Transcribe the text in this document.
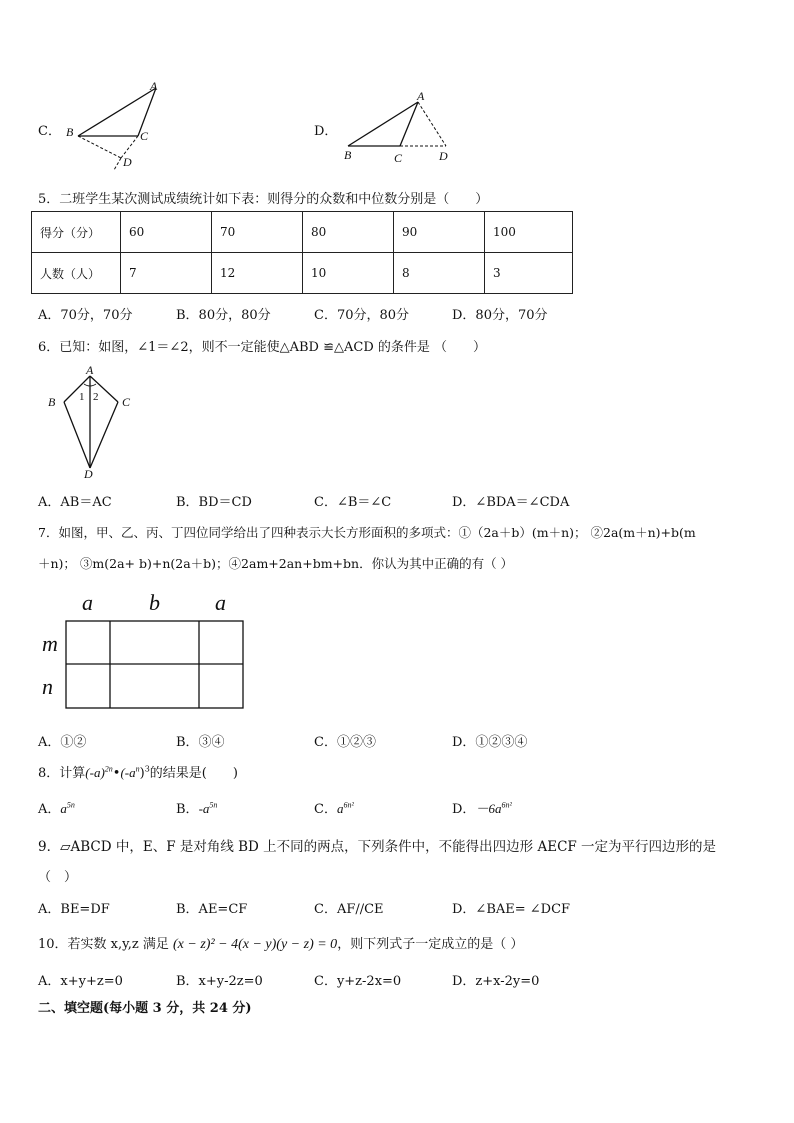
C．
A
B	C
D
D．
A
B	C	D
5．二班学生某次测试成绩统计如下表：则得分的众数和中位数分别是（　　）
得分（分）	60	70	80	90	100
人数（人）	7	12	10	8	3
A．70分，70分	B．80分，80分	C．70分，80分	D．80分，70分
6．已知：如图，∠1＝∠2，则不一定能使△ABD ≌△ACD 的条件是 （　　）
A
B	C
D
1 2
A．AB＝AC	B．BD＝CD	C．∠B＝∠C	D．∠BDA＝∠CDA
7．如图，甲、乙、丙、丁四位同学给出了四种表示大长方形面积的多项式：①（2a＋b）(m＋n)； ②2a(m＋n)+b(m
＋n)； ③m(2a+ b)+n(2a＋b)；④2am+2an+bm+bn．你认为其中正确的有（ ）
a	b	a
m
n
A．①②	B．③④	C．①②③	D．①②③④
8．计算$(-a)^{2n}•(-a^n)^3$的结果是(　　)
A．$a^{5n}$	B．$-a^{5n}$	C．$a^{6n^2}$	D．$-6a^{6n^2}$
9．▱ABCD 中，E、F 是对角线 BD 上不同的两点，下列条件中，不能得出四边形 AECF 一定为平行四边形的是
（　）
A．BE=DF	B．AE=CF	C．AF//CE	D．∠BAE= ∠DCF
10．若实数 x,y,z 满足 (x − z)² − 4(x − y)(y − z) = 0，则下列式子一定成立的是（ ）
A．x+y+z=0	B．x+y-2z=0	C．y+z-2x=0	D．z+x-2y=0
二、填空题(每小题 3 分，共 24 分)
